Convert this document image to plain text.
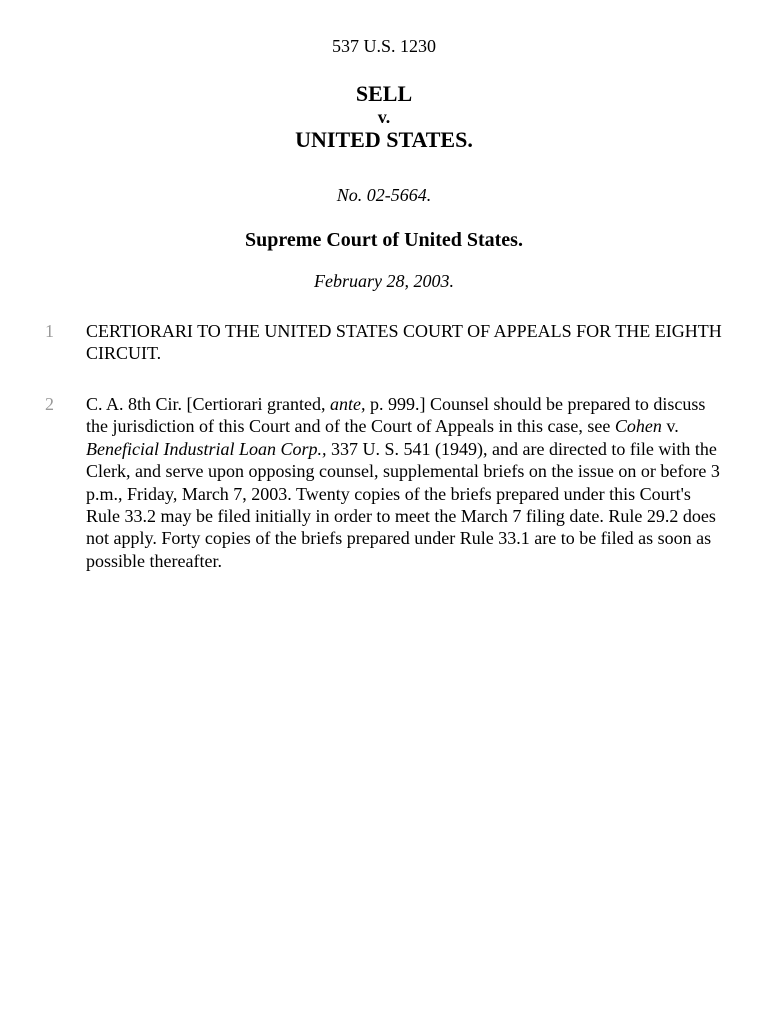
537 U.S. 1230
SELL
v.
UNITED STATES.
No. 02-5664.
Supreme Court of United States.
February 28, 2003.
1 CERTIORARI TO THE UNITED STATES COURT OF APPEALS FOR THE EIGHTH CIRCUIT.
2 C. A. 8th Cir. [Certiorari granted, ante, p. 999.] Counsel should be prepared to discuss the jurisdiction of this Court and of the Court of Appeals in this case, see Cohen v. Beneficial Industrial Loan Corp., 337 U. S. 541 (1949), and are directed to file with the Clerk, and serve upon opposing counsel, supplemental briefs on the issue on or before 3 p.m., Friday, March 7, 2003. Twenty copies of the briefs prepared under this Court's Rule 33.2 may be filed initially in order to meet the March 7 filing date. Rule 29.2 does not apply. Forty copies of the briefs prepared under Rule 33.1 are to be filed as soon as possible thereafter.
